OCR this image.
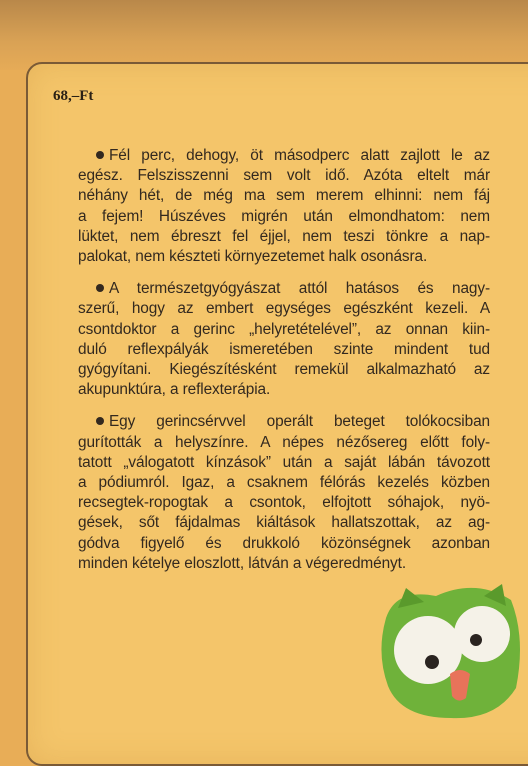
68,–Ft
Fél perc, dehogy, öt másodperc alatt zajlott le az
egész. Felszisszenni sem volt idő. Azóta eltelt már
néhány hét, de még ma sem merem elhinni: nem fáj
a fejem! Húszéves migrén után elmondhatom: nem
lüktet, nem ébreszt fel éjjel, nem teszi tönkre a nap-
palokat, nem készteti környezetemet halk osonásra.
A természetgyógyászat attól hatásos és nagy-
szerű, hogy az embert egységes egészként kezeli. A
csontdoktor a gerinc „helyretételével”, az onnan kiin-
duló reflexpályák ismeretében szinte mindent tud
gyógyítani. Kiegészítésként remekül alkalmazható az
akupunktúra, a reflexterápia.
Egy gerincsérvvel operált beteget tolókocsiban
gurították a helyszínre. A népes nézősereg előtt foly-
tatott „válogatott kínzások” után a saját lábán távozott
a pódiumról. Igaz, a csaknem félórás kezelés közben
recsegtek-ropogtak a csontok, elfojtott sóhajok, nyö-
gések, sőt fájdalmas kiáltások hallatszottak, az ag-
gódva figyelő és drukkoló közönségnek azonban
minden kételye eloszlott, látván a végeredményt.
